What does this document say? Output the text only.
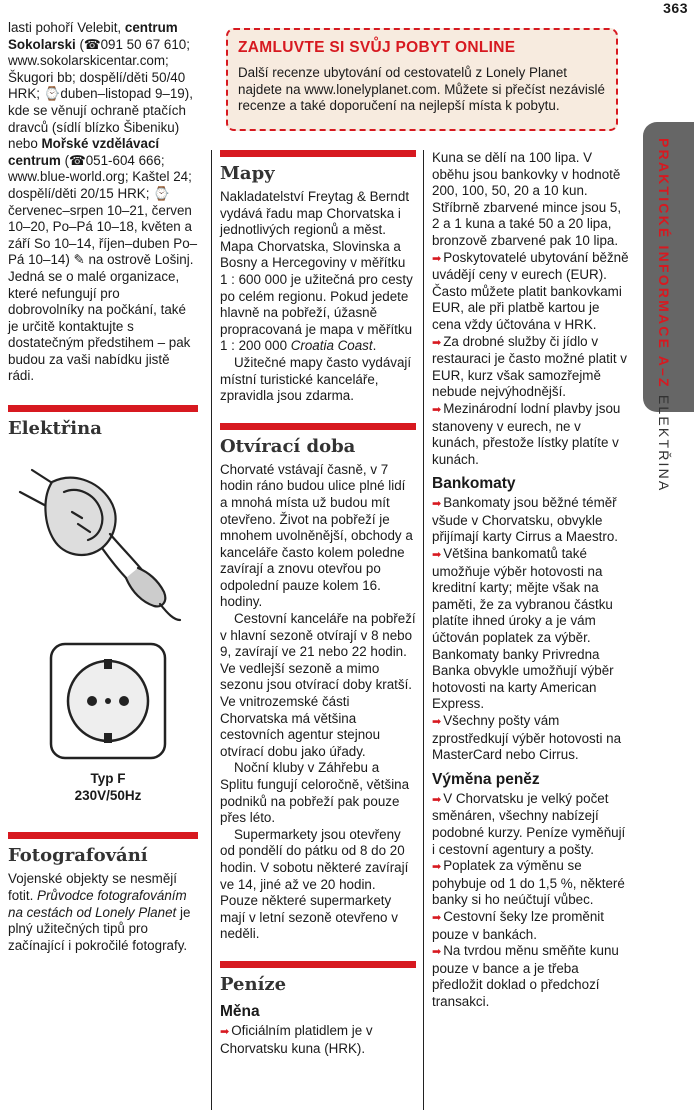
363
PRAKTICKÉ INFORMACE A–Z ELEKTŘINA
ZAMLUVTE SI SVŮJ POBYT ONLINE
Další recenze ubytování od cestovatelů z Lonely Planet najdete na www.lonelyplanet.com. Můžete si přečíst nezávislé recenze a také doporučení na nejlepší místa k pobytu.

lasti pohoří Velebit, centrum Sokolarski (☎091 50 67 610; www.sokolarskicentar.com; Škugori bb; dospělí/děti 50/40 HRK; ⌚duben–listopad 9–19), kde se věnují ochraně ptačích dravců (sídlí blízko Šibeniku) nebo Mořské vzdělávací centrum (☎051-604 666; www.blue-world.org; Kaštel 24; dospělí/děti 20/15 HRK; ⌚červenec–srpen 10–21, červen 10–20, Po–Pá 10–18, květen a září So 10–14, říjen–duben Po–Pá 10–14) ✎ na ostrově Lošinj. Jedná se o malé organizace, které nefungují pro dobrovolníky na počkání, také je určitě kontaktujte s dostatečným předstihem – pak budou za vaši nabídku jistě rádi.

Elektřina
Typ F
230V/50Hz
Fotografování

Vojenské objekty se nesmějí fotit. Průvodce fotografováním na cestách od Lonely Planet je plný užitečných tipů pro začínající i pokročilé fotografy.

Mapy

Nakladatelství Freytag & Berndt vydává řadu map Chorvatska i jednotlivých regionů a měst. Mapa Chorvatska, Slovinska a Bosny a Hercegoviny v měřítku 1 : 600 000 je užitečná pro cesty po celém regionu. Pokud jedete hlavně na pobřeží, úžasně propracovaná je mapa v měřítku 1 : 200 000 Croatia Coast.

Užitečné mapy často vydávají místní turistické kanceláře, zpravidla jsou zdarma.

Otvírací doba

Chorvaté vstávají časně, v 7 hodin ráno budou ulice plné lidí a mnohá místa už budou mít otevřeno. Život na pobřeží je mnohem uvolněnější, obchody a kanceláře často kolem poledne zavírají a znovu otevřou po odpolední pauze kolem 16. hodiny.

Cestovní kanceláře na pobřeží v hlavní sezoně otvírají v 8 nebo 9, zavírají ve 21 nebo 22 hodin. Ve vedlejší sezoně a mimo sezonu jsou otvírací doby kratší. Ve vnitrozemské části Chorvatska má většina cestovních agentur stejnou otvírací dobu jako úřady.

Noční kluby v Záhřebu a Splitu fungují celoročně, většina podniků na pobřeží pak pouze přes léto.

Supermarkety jsou otevřeny od pondělí do pátku od 8 do 20 hodin. V sobotu některé zavírají ve 14, jiné až ve 20 hodin. Pouze některé supermarkety mají v letní sezoně otevřeno v neděli.

Peníze
Měna

➡ Oficiálním platidlem je v Chorvatsku kuna (HRK).

Kuna se dělí na 100 lipa. V oběhu jsou bankovky v hodnotě 200, 100, 50, 20 a 10 kun. Stříbrně zbarvené mince jsou 5, 2 a 1 kuna a také 50 a 20 lipa, bronzově zbarvené pak 10 lipa.

➡ Poskytovatelé ubytování běžně uvádějí ceny v eurech (EUR). Často můžete platit bankovkami EUR, ale při platbě kartou je cena vždy účtována v HRK.

➡ Za drobné služby či jídlo v restauraci je často možné platit v EUR, kurz však samozřejmě nebude nejvýhodnější.

➡ Mezinárodní lodní plavby jsou stanoveny v eurech, ne v kunách, přestože lístky platíte v kunách.

Bankomaty

➡ Bankomaty jsou běžné téměř všude v Chorvatsku, obvykle přijímají karty Cirrus a Maestro.

➡ Většina bankomatů také umožňuje výběr hotovosti na kreditní karty; mějte však na paměti, že za vybranou částku platíte ihned úroky a je vám účtován poplatek za výběr. Bankomaty banky Privredna Banka obvykle umožňují výběr hotovosti na karty American Express.

➡ Všechny pošty vám zprostředkují výběr hotovosti na MasterCard nebo Cirrus.

Výměna peněz

➡ V Chorvatsku je velký počet směnáren, všechny nabízejí podobné kurzy. Peníze vyměňují i cestovní agentury a pošty.

➡ Poplatek za výměnu se pohybuje od 1 do 1,5 %, některé banky si ho neúčtují vůbec.

➡ Cestovní šeky lze proměnit pouze v bankách.

➡ Na tvrdou měnu směňte kunu pouze v bance a je třeba předložit doklad o předchozí transakci.
